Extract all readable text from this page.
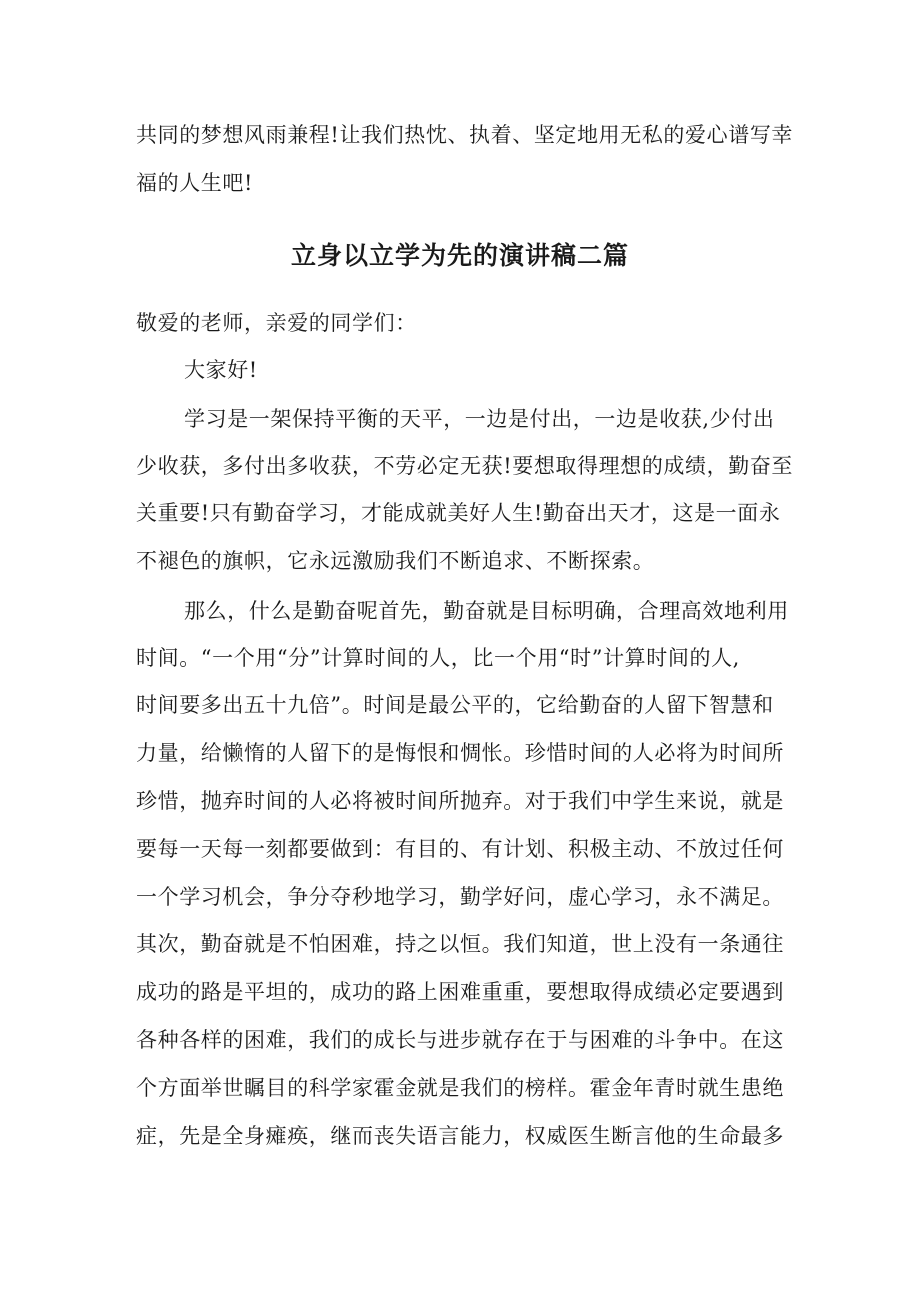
共同的梦想风雨兼程!让我们热忱、执着、坚定地用无私的爱心谱写幸
福的人生吧!
立身以立学为先的演讲稿二篇
敬爱的老师，亲爱的同学们：
大家好!
学习是一架保持平衡的天平，一边是付出，一边是收获,少付出
少收获，多付出多收获，不劳必定无获!要想取得理想的成绩，勤奋至
关重要!只有勤奋学习，才能成就美好人生!勤奋出天才，这是一面永
不褪色的旗帜，它永远激励我们不断追求、不断探索。
那么，什么是勤奋呢首先，勤奋就是目标明确，合理高效地利用
时间。“一个用“分”计算时间的人，比一个用“时”计算时间的人,
时间要多出五十九倍”。时间是最公平的，它给勤奋的人留下智慧和
力量，给懒惰的人留下的是悔恨和惆怅。珍惜时间的人必将为时间所
珍惜，抛弃时间的人必将被时间所抛弃。对于我们中学生来说，就是
要每一天每一刻都要做到：有目的、有计划、积极主动、不放过任何
一个学习机会，争分夺秒地学习，勤学好问，虚心学习，永不满足。
其次，勤奋就是不怕困难，持之以恒。我们知道，世上没有一条通往
成功的路是平坦的，成功的路上困难重重，要想取得成绩必定要遇到
各种各样的困难，我们的成长与进步就存在于与困难的斗争中。在这
个方面举世瞩目的科学家霍金就是我们的榜样。霍金年青时就生患绝
症，先是全身瘫痪，继而丧失语言能力，权威医生断言他的生命最多
